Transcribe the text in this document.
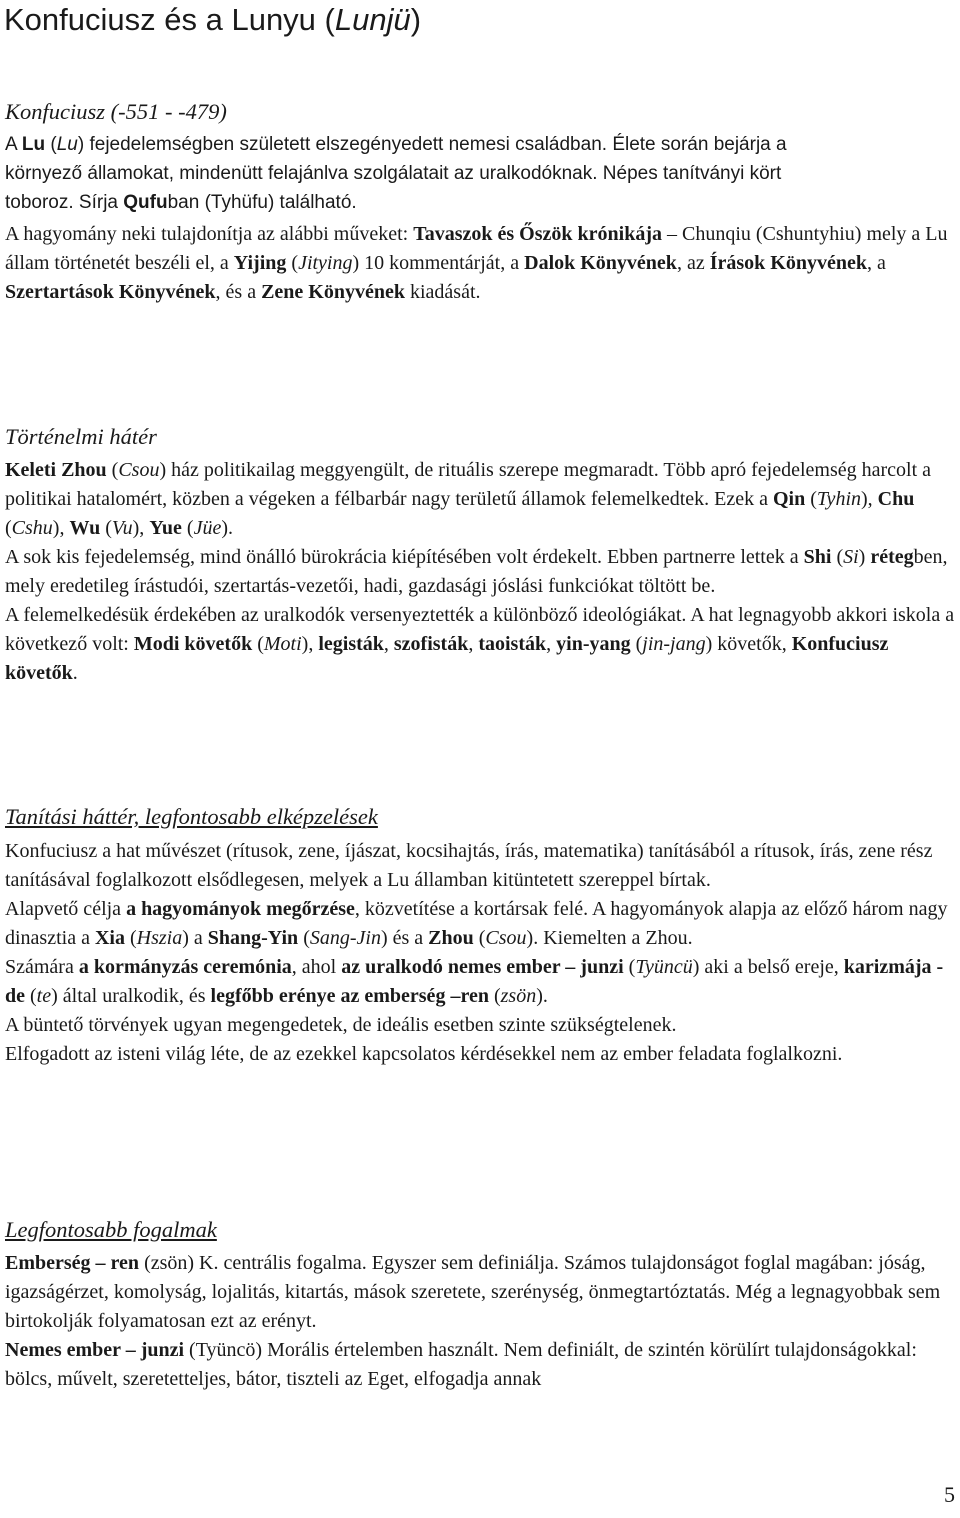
Konfuciusz és a Lunyu (Lunjü)
Konfuciusz (-551 - -479)
A Lu (Lu) fejedelemségben született elszegényedett nemesi családban. Élete során bejárja a
környező államokat, mindenütt felajánlva szolgálatait az uralkodóknak. Népes tanítványi kört
toboroz. Sírja Qufuban (Tyhüfu) található.

A hagyomány neki tulajdonítja az alábbi műveket: Tavaszok és Őszök krónikája – Chunqiu (Cshuntyhiu) mely a Lu állam történetét beszéli el, a Yijing (Jitying) 10 kommentárját, a Dalok Könyvének, az Írások Könyvének, a Szertartások Könyvének, és a Zene Könyvének kiadását.

Történelmi hátér

Keleti Zhou (Csou) ház politikailag meggyengült, de rituális szerepe megmaradt. Több apró fejedelemség harcolt a politikai hatalomért, közben a végeken a félbarbár nagy területű államok felemelkedtek. Ezek a Qin (Tyhin), Chu (Cshu), Wu (Vu), Yue (Jüe).

A sok kis fejedelemség, mind önálló bürokrácia kiépítésében volt érdekelt. Ebben partnerre lettek a Shi (Si) rétegben, mely eredetileg írástudói, szertartás-vezetői, hadi, gazdasági jóslási funkciókat töltött be.

A felemelkedésük érdekében az uralkodók versenyeztették a különböző ideológiákat. A hat legnagyobb akkori iskola a következő volt: Modi követők (Moti), legisták, szofisták, taoisták, yin-yang (jin-jang) követők, Konfuciusz követők.

Tanítási háttér, legfontosabb elképzelések

Konfuciusz a hat művészet (rítusok, zene, íjászat, kocsihajtás, írás, matematika) tanításából a rítusok, írás, zene rész tanításával foglalkozott elsődlegesen, melyek a Lu államban kitüntetett szereppel bírtak.

Alapvető célja a hagyományok megőrzése, közvetítése a kortársak felé. A hagyományok alapja az előző három nagy dinasztia a Xia (Hszia) a Shang-Yin (Sang-Jin) és a Zhou (Csou). Kiemelten a Zhou.

Számára a kormányzás ceremónia, ahol az uralkodó nemes ember – junzi (Tyüncü) aki a belső ereje, karizmája - de (te) által uralkodik, és legfőbb erénye az emberség –ren (zsön).

A büntető törvények ugyan megengedetek, de ideális esetben szinte szükségtelenek.

Elfogadott az isteni világ léte, de az ezekkel kapcsolatos kérdésekkel nem az ember feladata foglalkozni.

Legfontosabb fogalmak

Emberség – ren (zsön) K. centrális fogalma. Egyszer sem definiálja. Számos tulajdonságot foglal magában: jóság, igazságérzet, komolyság, lojalitás, kitartás, mások szeretete, szerénység, önmegtartóztatás. Még a legnagyobbak sem birtokolják folyamatosan ezt az erényt.

Nemes ember – junzi (Tyüncö) Morális értelemben használt. Nem definiált, de szintén körülírt tulajdonságokkal: bölcs, művelt, szeretetteljes, bátor, tiszteli az Eget, elfogadja annak

5
